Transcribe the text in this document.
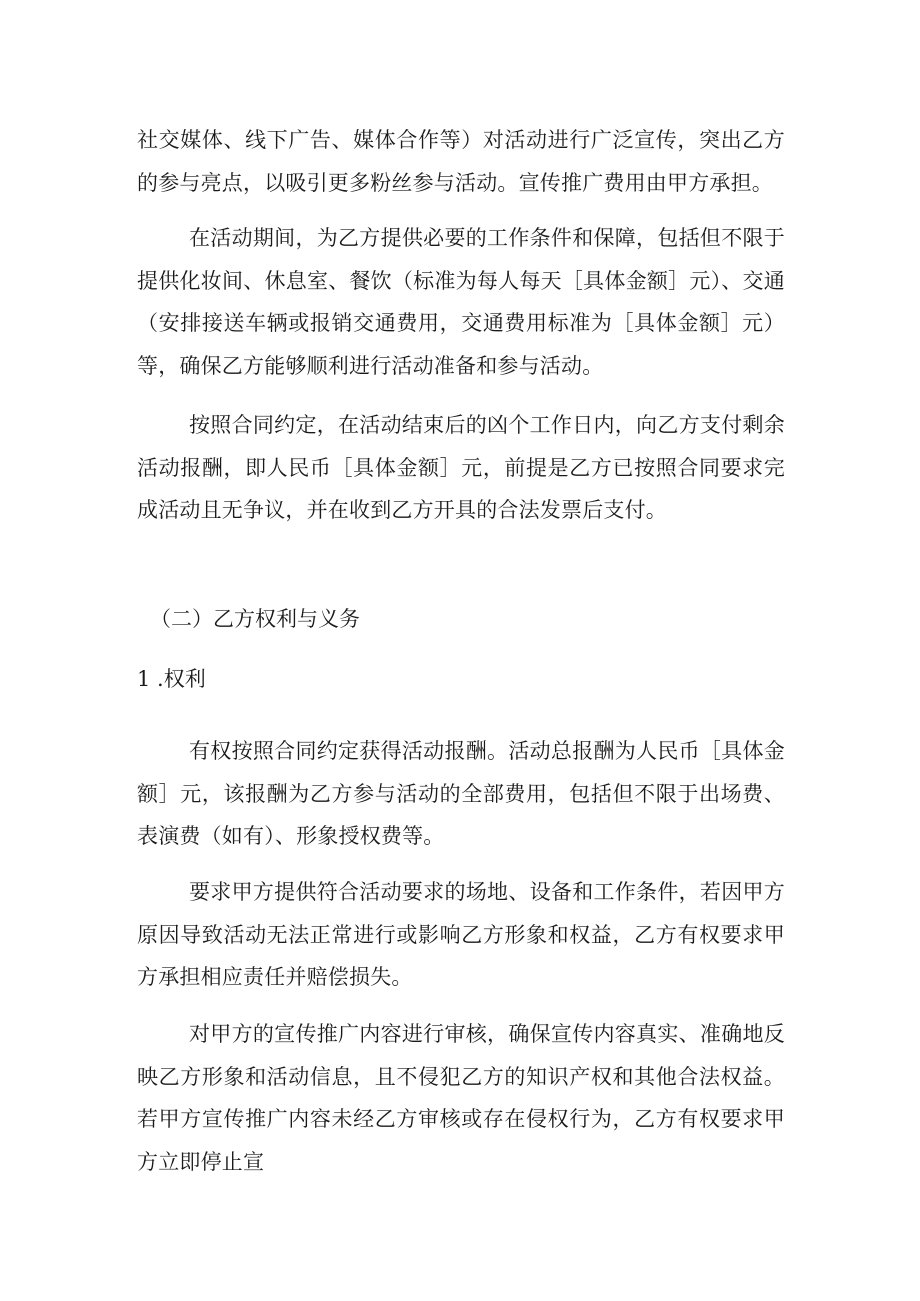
社交媒体、线下广告、媒体合作等）对活动进行广泛宣传，突出乙方的参与亮点，以吸引更多粉丝参与活动。宣传推广费用由甲方承担。

在活动期间，为乙方提供必要的工作条件和保障，包括但不限于提供化妆间、休息室、餐饮（标准为每人每天［具体金额］元）、交通（安排接送车辆或报销交通费用，交通费用标准为［具体金额］元）等，确保乙方能够顺利进行活动准备和参与活动。

按照合同约定，在活动结束后的凶个工作日内，向乙方支付剩余活动报酬，即人民币［具体金额］元，前提是乙方已按照合同要求完成活动且无争议，并在收到乙方开具的合法发票后支付。

（二）乙方权利与义务

1 .权利

有权按照合同约定获得活动报酬。活动总报酬为人民币［具体金额］元，该报酬为乙方参与活动的全部费用，包括但不限于出场费、表演费（如有）、形象授权费等。

要求甲方提供符合活动要求的场地、设备和工作条件，若因甲方原因导致活动无法正常进行或影响乙方形象和权益，乙方有权要求甲方承担相应责任并赔偿损失。

对甲方的宣传推广内容进行审核，确保宣传内容真实、准确地反映乙方形象和活动信息，且不侵犯乙方的知识产权和其他合法权益。若甲方宣传推广内容未经乙方审核或存在侵权行为，乙方有权要求甲方立即停止宣
